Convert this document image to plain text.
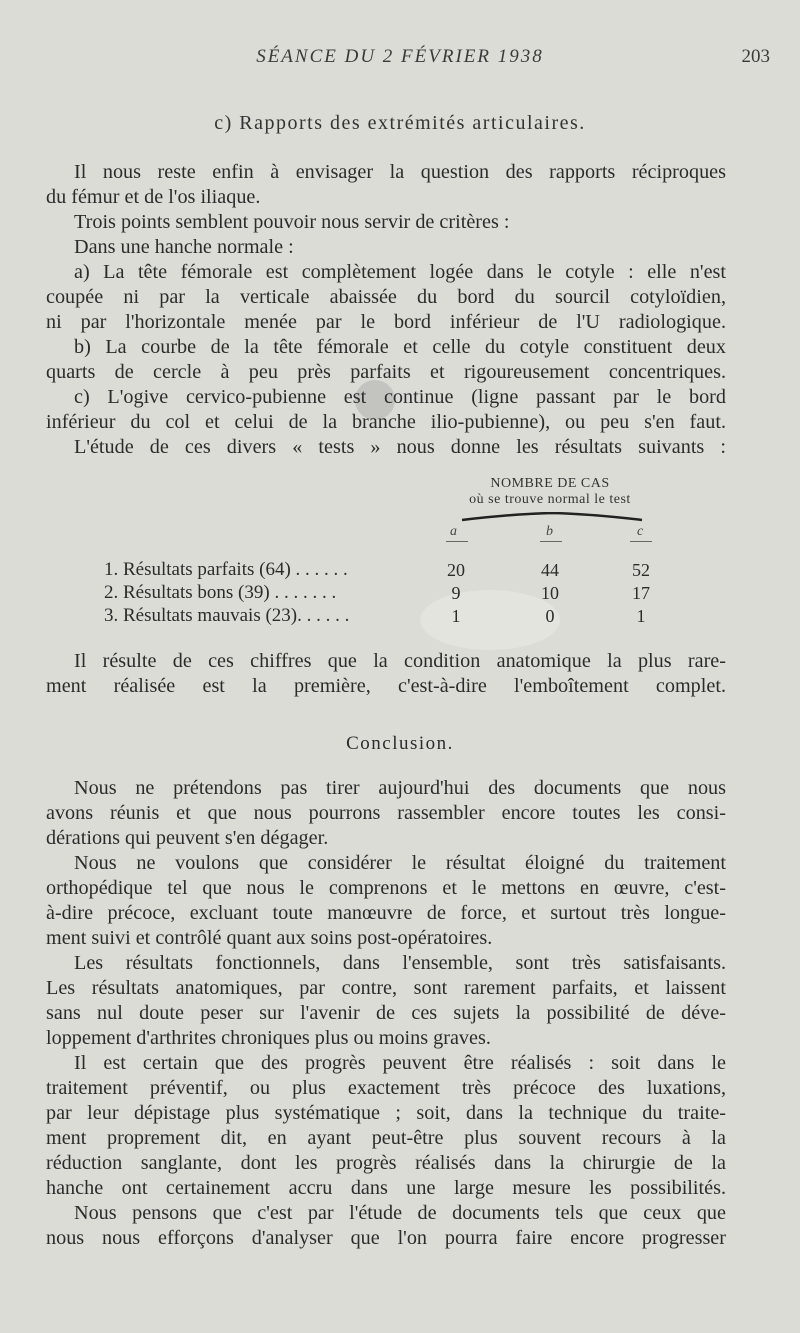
SÉANCE DU 2 FÉVRIER 1938	203
c) Rapports des extrémités articulaires.
Il nous reste enfin à envisager la question des rapports réciproques
du fémur et de l'os iliaque.
Trois points semblent pouvoir nous servir de critères :
Dans une hanche normale :
a) La tête fémorale est complètement logée dans le cotyle : elle n'est
coupée ni par la verticale abaissée du bord du sourcil cotyloïdien,
ni par l'horizontale menée par le bord inférieur de l'U radiologique.
b) La courbe de la tête fémorale et celle du cotyle constituent deux
quarts de cercle à peu près parfaits et rigoureusement concentriques.
c) L'ogive cervico-pubienne est continue (ligne passant par le bord
inférieur du col et celui de la branche ilio-pubienne), ou peu s'en faut.
L'étude de ces divers « tests » nous donne les résultats suivants :
NOMBRE DE CAS
où se trouve normal le test
a	b	c
1. Résultats parfaits (64) . . . . . .	20	44	52
2. Résultats bons (39) . . . . . . .	9	10	17
3. Résultats mauvais (23). . . . . .	1	0	1
Il résulte de ces chiffres que la condition anatomique la plus rare-
ment réalisée est la première, c'est-à-dire l'emboîtement complet.
Conclusion.
Nous ne prétendons pas tirer aujourd'hui des documents que nous
avons réunis et que nous pourrons rassembler encore toutes les consi-
dérations qui peuvent s'en dégager.
Nous ne voulons que considérer le résultat éloigné du traitement
orthopédique tel que nous le comprenons et le mettons en œuvre, c'est-
à-dire précoce, excluant toute manœuvre de force, et surtout très longue-
ment suivi et contrôlé quant aux soins post-opératoires.
Les résultats fonctionnels, dans l'ensemble, sont très satisfaisants.
Les résultats anatomiques, par contre, sont rarement parfaits, et laissent
sans nul doute peser sur l'avenir de ces sujets la possibilité de déve-
loppement d'arthrites chroniques plus ou moins graves.
Il est certain que des progrès peuvent être réalisés : soit dans le
traitement préventif, ou plus exactement très précoce des luxations,
par leur dépistage plus systématique ; soit, dans la technique du traite-
ment proprement dit, en ayant peut-être plus souvent recours à la
réduction sanglante, dont les progrès réalisés dans la chirurgie de la
hanche ont certainement accru dans une large mesure les possibilités.
Nous pensons que c'est par l'étude de documents tels que ceux que
nous nous efforçons d'analyser que l'on pourra faire encore progresser
